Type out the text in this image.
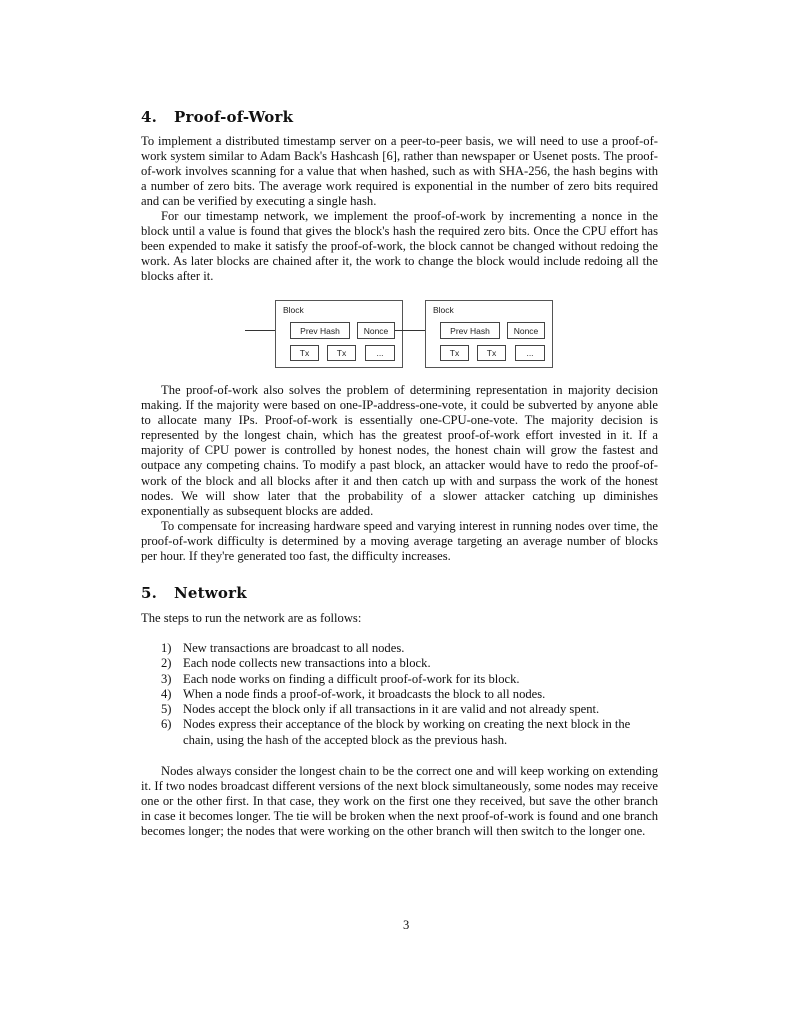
4. Proof-of-Work

To implement a distributed timestamp server on a peer-to-peer basis, we will need to use a proof-of-work system similar to Adam Back's Hashcash [6], rather than newspaper or Usenet posts. The proof-of-work involves scanning for a value that when hashed, such as with SHA-256, the hash begins with a number of zero bits. The average work required is exponential in the number of zero bits required and can be verified by executing a single hash.

For our timestamp network, we implement the proof-of-work by incrementing a nonce in the block until a value is found that gives the block's hash the required zero bits. Once the CPU effort has been expended to make it satisfy the proof-of-work, the block cannot be changed without redoing the work. As later blocks are chained after it, the work to change the block would include redoing all the blocks after it.

Block
Prev Hash	Nonce
Tx	Tx	...
Block
Prev Hash	Nonce
Tx	Tx	...

The proof-of-work also solves the problem of determining representation in majority decision making. If the majority were based on one-IP-address-one-vote, it could be subverted by anyone able to allocate many IPs. Proof-of-work is essentially one-CPU-one-vote. The majority decision is represented by the longest chain, which has the greatest proof-of-work effort invested in it. If a majority of CPU power is controlled by honest nodes, the honest chain will grow the fastest and outpace any competing chains. To modify a past block, an attacker would have to redo the proof-of-work of the block and all blocks after it and then catch up with and surpass the work of the honest nodes. We will show later that the probability of a slower attacker catching up diminishes exponentially as subsequent blocks are added.

To compensate for increasing hardware speed and varying interest in running nodes over time, the proof-of-work difficulty is determined by a moving average targeting an average number of blocks per hour. If they're generated too fast, the difficulty increases.

5. Network

The steps to run the network are as follows:

1) New transactions are broadcast to all nodes.
2) Each node collects new transactions into a block.
3) Each node works on finding a difficult proof-of-work for its block.
4) When a node finds a proof-of-work, it broadcasts the block to all nodes.
5) Nodes accept the block only if all transactions in it are valid and not already spent.
6) Nodes express their acceptance of the block by working on creating the next block in the chain, using the hash of the accepted block as the previous hash.

Nodes always consider the longest chain to be the correct one and will keep working on extending it. If two nodes broadcast different versions of the next block simultaneously, some nodes may receive one or the other first. In that case, they work on the first one they received, but save the other branch in case it becomes longer. The tie will be broken when the next proof-of-work is found and one branch becomes longer; the nodes that were working on the other branch will then switch to the longer one.

3
